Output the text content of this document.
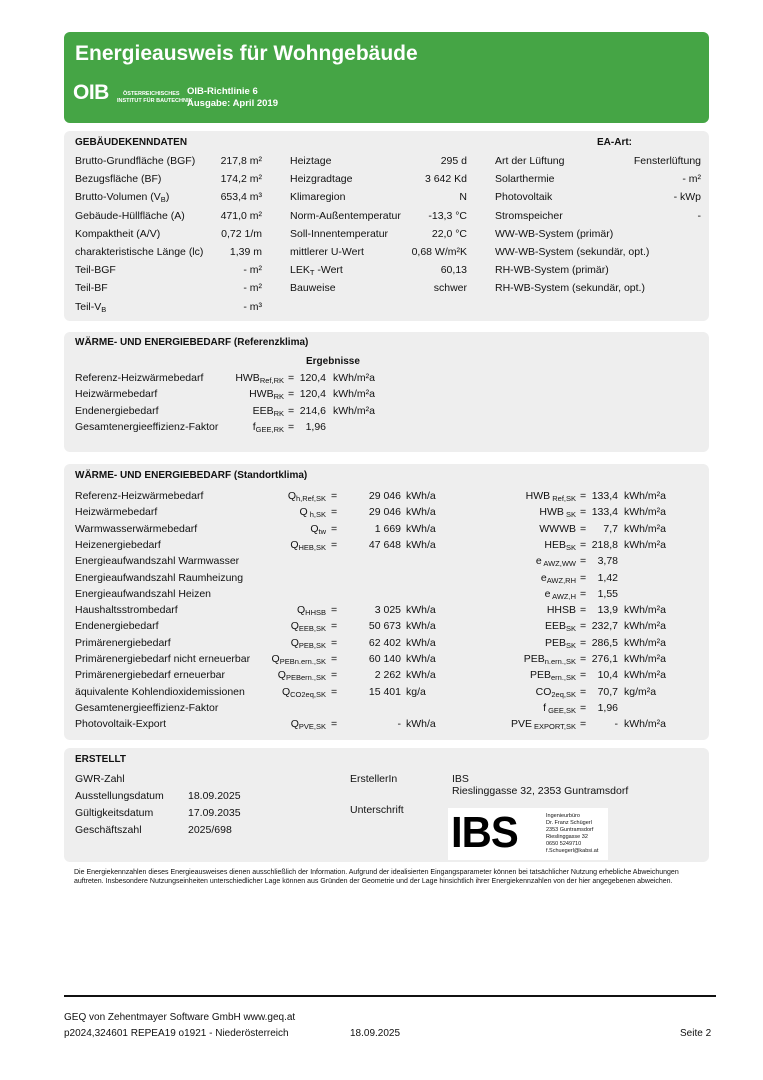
Energieausweis für Wohngebäude
OIB	ÖSTERREICHISCHES
INSTITUT FÜR BAUTECHNIK
OIB-Richtlinie 6
Ausgabe: April 2019
GEBÄUDEKENNDATEN	EA-Art:
Brutto-Grundfläche (BGF)	217,8 m²
Bezugsfläche (BF)	174,2 m²
Brutto-Volumen $(V_B)$	653,4 m³
Gebäude-Hüllfläche (A)	471,0 m²
Kompaktheit (A/V)	0,72 1/m
charakteristische Länge (lc)	1,39 m
Teil-BGF	- m²
Teil-BF	- m²
Teil-$V_B$	- m³
Heiztage	295 d
Heizgradtage	3 642 Kd
Klimaregion	N
Norm-Außentemperatur	-13,3 °C
Soll-Innentemperatur	22,0 °C
mittlerer U-Wert	0,68 W/m²K
$LEK_T$ -Wert	60,13
Bauweise	schwer
Art der Lüftung	Fensterlüftung
Solarthermie	- m²
Photovoltaik	- kWp
Stromspeicher	-
WW-WB-System (primär)
WW-WB-System (sekundär, opt.)
RH-WB-System (primär)
RH-WB-System (sekundär, opt.)
WÄRME- UND ENERGIEBEDARF (Referenzklima)
Ergebnisse
Referenz-Heizwärmebedarf	$HWB_{Ref,RK} = 120,4$ kWh/m²a
Heizwärmebedarf	$HWB_{RK} = 120,4$ kWh/m²a
Endenergiebedarf	$EEB_{RK} = 214,6$ kWh/m²a
Gesamtenergieeffizienz-Faktor	$f_{GEE,RK}$ =	1,96
WÄRME- UND ENERGIEBEDARF (Standortklima)
Referenz-Heizwärmebedarf	$Q_{h,Ref,SK}$ =	29 046 kWh/a	HWB $_{Ref,SK}$ = 133,4 kWh/m²a
Heizwärmebedarf	Q $_{h,SK}$ =	29 046 kWh/a	HWB $_{SK}$ = 133,4 kWh/m²a
Warmwasserwärmebedarf	$Q_{tw}$ =	1 669 kWh/a	WWWB =	7,7 kWh/m²a
Heizenergiebedarf	$Q_{HEB,SK}$ =	47 648 kWh/a	$HEB_{SK} = 218,8$ kWh/m²a
Energieaufwandszahl Warmwasser	e $_{AWZ,WW}$ =	3,78
Energieaufwandszahl Raumheizung	$e_{AWZ,RH}$ =	1,42
Energieaufwandszahl Heizen	e $_{AWZ,H}$ =	1,55
Haushaltsstrombedarf	$Q_{HHSB}$ =	3 025 kWh/a	HHSB =	13,9 kWh/m²a
Endenergiebedarf	$Q_{EEB,SK}$ =	50 673 kWh/a	$EEB_{SK} = 232,7$ kWh/m²a
Primärenergiebedarf	$Q_{PEB,SK}$ =	62 402 kWh/a	$PEB_{SK} = 286,5$ kWh/m²a
Primärenergiebedarf nicht erneuerbar	$Q_{PEBn.ern.,SK}$ =	60 140 kWh/a	$PEB_{n.ern.,SK} = 276,1$ kWh/m²a
Primärenergiebedarf erneuerbar	$Q_{PEBern.,SK}$ =	2 262 kWh/a	$PEB_{ern.,SK}$ =	10,4 kWh/m²a
äquivalente Kohlendioxidemissionen	$Q_{CO2eq,SK}$ =	15 401 kg/a	$CO_{2eq,SK}$ =	70,7 kg/m²a
Gesamtenergieeffizienz-Faktor	f $_{GEE,SK}$ =	1,96
Photovoltaik-Export	$Q_{PVE,SK}$ =	- kWh/a	PVE $_{EXPORT,SK}$ =	- kWh/m²a
ERSTELLT
GWR-Zahl
Ausstellungsdatum 18.09.2025
Gültigkeitsdatum	17.09.2035
Geschäftszahl	2025/698
ErstellerIn	IBS
Rieslinggasse 32, 2353 Guntramsdorf
Unterschrift IBS	Ingenieurbüro
Dr. Franz Schügerl
2353 Guntramsdorf
Rieslinggasse 32
0650 5249710
f.Schuegerl@kabsi.at
Die Energiekennzahlen dieses Energieausweises dienen ausschließlich der Information. Aufgrund der idealisierten Eingangsparameter können bei tatsächlicher Nutzung erhebliche Abweichungen auftreten. Insbesondere Nutzungseinheiten unterschiedlicher Lage können aus Gründen der Geometrie und der Lage hinsichtlich ihrer Energiekennzahlen von der hier angegebenen abweichen.
GEQ von Zehentmayer Software GmbH www.geq.at
p2024,324601 REPEA19 o1921 - Niederösterreich	18.09.2025	Seite 2
